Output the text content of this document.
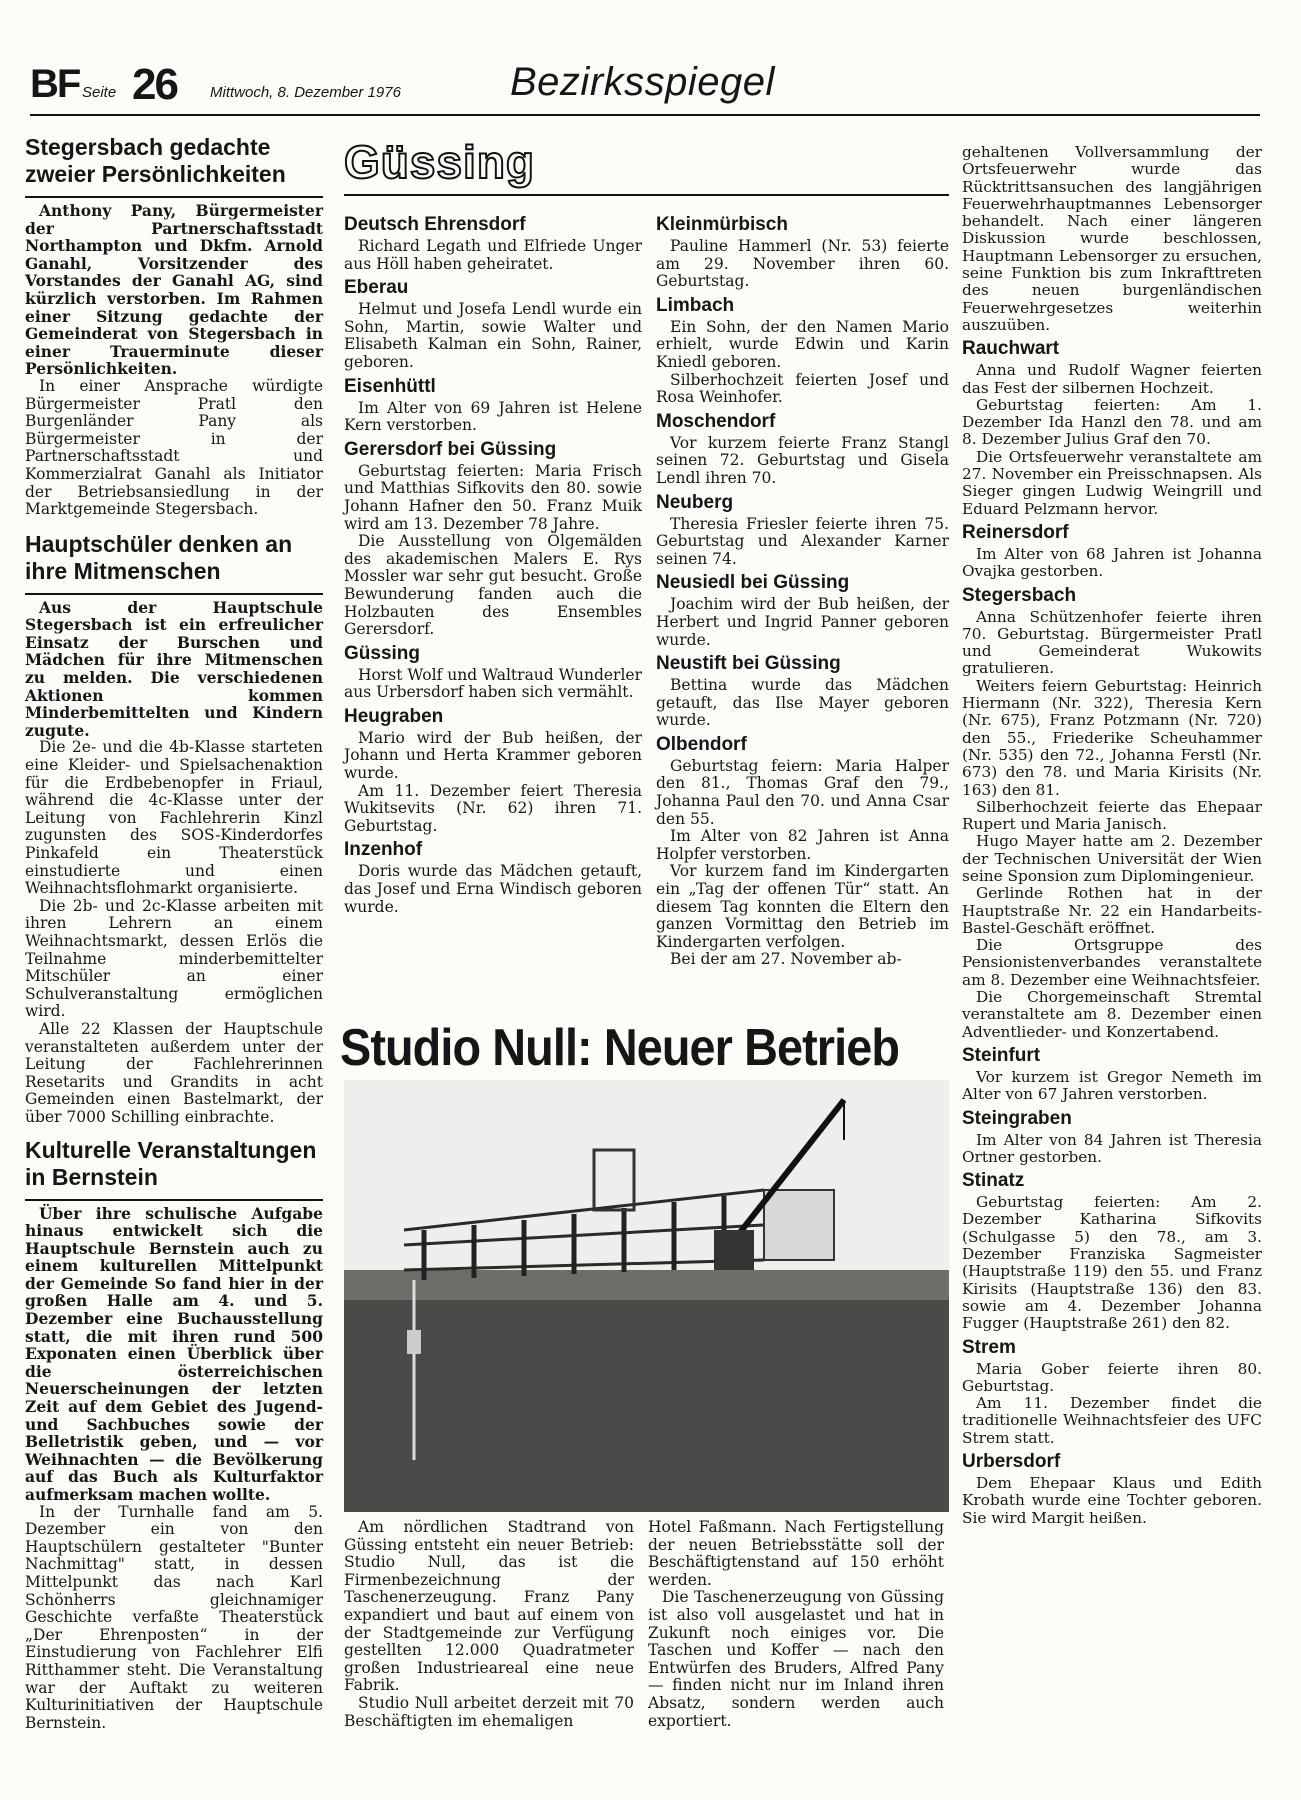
BF Seite 26 Mittwoch, 8. Dezember 1976	Bezirksspiegel
Stegersbach gedachte zweier Persönlichkeiten

Anthony Pany, Bürgermeister der Partnerschaftsstadt Northampton und Dkfm. Arnold Ganahl, Vorsitzender des Vorstandes der Ganahl AG, sind kürzlich verstorben. Im Rahmen einer Sitzung gedachte der Gemeinderat von Stegersbach in einer Trauerminute dieser Persönlichkeiten.

In einer Ansprache würdigte Bürgermeister Pratl den Burgenländer Pany als Bürgermeister in der Partnerschaftsstadt und Kommerzialrat Ganahl als Initiator der Betriebsansiedlung in der Marktgemeinde Stegersbach.

Hauptschüler denken an ihre Mitmenschen

Aus der Hauptschule Stegersbach ist ein erfreulicher Einsatz der Burschen und Mädchen für ihre Mitmenschen zu melden. Die verschiedenen Aktionen kommen Minderbemittelten und Kindern zugute.

Die 2e- und die 4b-Klasse starteten eine Kleider- und Spielsachenaktion für die Erdbebenopfer in Friaul, während die 4c-Klasse unter der Leitung von Fachlehrerin Kinzl zugunsten des SOS-Kinderdorfes Pinkafeld ein Theaterstück einstudierte und einen Weihnachtsflohmarkt organisierte.

Die 2b- und 2c-Klasse arbeiten mit ihren Lehrern an einem Weihnachtsmarkt, dessen Erlös die Teilnahme minderbemittelter Mitschüler an einer Schulveranstaltung ermöglichen wird.

Alle 22 Klassen der Hauptschule veranstalteten außerdem unter der Leitung der Fachlehrerinnen Resetarits und Grandits in acht Gemeinden einen Bastelmarkt, der über 7000 Schilling einbrachte.

Kulturelle Veranstaltungen in Bernstein

Über ihre schulische Aufgabe hinaus entwickelt sich die Hauptschule Bernstein auch zu einem kulturellen Mittelpunkt der Gemeinde So fand hier in der großen Halle am 4. und 5. Dezember eine Buchausstellung statt, die mit ihren rund 500 Exponaten einen Überblick über die österreichischen Neuerscheinungen der letzten Zeit auf dem Gebiet des Jugend- und Sachbuches sowie der Belletristik geben, und — vor Weihnachten — die Bevölkerung auf das Buch als Kulturfaktor aufmerksam machen wollte.

In der Turnhalle fand am 5. Dezember ein von den Hauptschülern gestalteter "Bunter Nachmittag" statt, in dessen Mittelpunkt das nach Karl Schönherrs gleichnamiger Geschichte verfaßte Theaterstück „Der Ehrenposten“ in der Einstudierung von Fachlehrer Elfi Ritthammer steht. Die Veranstaltung war der Auftakt zu weiteren Kulturinitiativen der Hauptschule Bernstein.

Güssing
Deutsch Ehrensdorf

Richard Legath und Elfriede Unger aus Höll haben geheiratet.

Eberau

Helmut und Josefa Lendl wurde ein Sohn, Martin, sowie Walter und Elisabeth Kalman ein Sohn, Rainer, geboren.

Eisenhüttl

Im Alter von 69 Jahren ist Helene Kern verstorben.

Gerersdorf bei Güssing

Geburtstag feierten: Maria Frisch und Matthias Sifkovits den 80. sowie Johann Hafner den 50. Franz Muik wird am 13. Dezember 78 Jahre.

Die Ausstellung von Ölgemälden des akademischen Malers E. Rys Mossler war sehr gut besucht. Große Bewunderung fanden auch die Holzbauten des Ensembles Gerersdorf.

Güssing

Horst Wolf und Waltraud Wunderler aus Urbersdorf haben sich vermählt.

Heugraben

Mario wird der Bub heißen, der Johann und Herta Krammer geboren wurde.

Am 11. Dezember feiert Theresia Wukitsevits (Nr. 62) ihren 71. Geburtstag.

Inzenhof

Doris wurde das Mädchen getauft, das Josef und Erna Windisch geboren wurde.

Kleinmürbisch

Pauline Hammerl (Nr. 53) feierte am 29. November ihren 60. Geburtstag.

Limbach

Ein Sohn, der den Namen Mario erhielt, wurde Edwin und Karin Kniedl geboren.

Silberhochzeit feierten Josef und Rosa Weinhofer.

Moschendorf

Vor kurzem feierte Franz Stangl seinen 72. Geburtstag und Gisela Lendl ihren 70.

Neuberg

Theresia Friesler feierte ihren 75. Geburtstag und Alexander Karner seinen 74.

Neusiedl bei Güssing

Joachim wird der Bub heißen, der Herbert und Ingrid Panner geboren wurde.

Neustift bei Güssing

Bettina wurde das Mädchen getauft, das Ilse Mayer geboren wurde.

Olbendorf

Geburtstag feiern: Maria Halper den 81., Thomas Graf den 79., Johanna Paul den 70. und Anna Csar den 55.

Im Alter von 82 Jahren ist Anna Holpfer verstorben.

Vor kurzem fand im Kindergarten ein „Tag der offenen Tür“ statt. An diesem Tag konnten die Eltern den ganzen Vormittag den Betrieb im Kindergarten verfolgen.

Bei der am 27. November ab-

Studio Null: Neuer Betrieb

Am nördlichen Stadtrand von Güssing entsteht ein neuer Betrieb: Studio Null, das ist die Firmenbezeichnung der Taschenerzeugung. Franz Pany expandiert und baut auf einem von der Stadtgemeinde zur Verfügung gestellten 12.000 Quadratmeter großen Industrieareal eine neue Fabrik.

Studio Null arbeitet derzeit mit 70 Beschäftigten im ehemaligen

Hotel Faßmann. Nach Fertigstellung der neuen Betriebsstätte soll der Beschäftigtenstand auf 150 erhöht werden.

Die Taschenerzeugung von Güssing ist also voll ausgelastet und hat in Zukunft noch einiges vor. Die Taschen und Koffer — nach den Entwürfen des Bruders, Alfred Pany — finden nicht nur im Inland ihren Absatz, sondern werden auch exportiert.

gehaltenen Vollversammlung der Ortsfeuerwehr wurde das Rücktrittsansuchen des langjährigen Feuerwehrhauptmannes Lebensorger behandelt. Nach einer längeren Diskussion wurde beschlossen, Hauptmann Lebensorger zu ersuchen, seine Funktion bis zum Inkrafttreten des neuen burgenländischen Feuerwehrgesetzes weiterhin auszuüben.

Rauchwart

Anna und Rudolf Wagner feierten das Fest der silbernen Hochzeit.

Geburtstag feierten: Am 1. Dezember Ida Hanzl den 78. und am 8. Dezember Julius Graf den 70.

Die Ortsfeuerwehr veranstaltete am 27. November ein Preisschnapsen. Als Sieger gingen Ludwig Weingrill und Eduard Pelzmann hervor.

Reinersdorf

Im Alter von 68 Jahren ist Johanna Ovajka gestorben.

Stegersbach

Anna Schützenhofer feierte ihren 70. Geburtstag. Bürgermeister Pratl und Gemeinderat Wukowits gratulieren.

Weiters feiern Geburtstag: Heinrich Hiermann (Nr. 322), Theresia Kern (Nr. 675), Franz Potzmann (Nr. 720) den 55., Friederike Scheuhammer (Nr. 535) den 72., Johanna Ferstl (Nr. 673) den 78. und Maria Kirisits (Nr. 163) den 81.

Silberhochzeit feierte das Ehepaar Rupert und Maria Janisch.

Hugo Mayer hatte am 2. Dezember der Technischen Universität der Wien seine Sponsion zum Diplomingenieur.

Gerlinde Rothen hat in der Hauptstraße Nr. 22 ein Handarbeits-Bastel-Geschäft eröffnet.

Die Ortsgruppe des Pensionistenverbandes veranstaltete am 8. Dezember eine Weihnachtsfeier.

Die Chorgemeinschaft Stremtal veranstaltete am 8. Dezember einen Adventlieder- und Konzertabend.

Steinfurt

Vor kurzem ist Gregor Nemeth im Alter von 67 Jahren verstorben.

Steingraben

Im Alter von 84 Jahren ist Theresia Ortner gestorben.

Stinatz

Geburtstag feierten: Am 2. Dezember Katharina Sifkovits (Schulgasse 5) den 78., am 3. Dezember Franziska Sagmeister (Hauptstraße 119) den 55. und Franz Kirisits (Hauptstraße 136) den 83. sowie am 4. Dezember Johanna Fugger (Hauptstraße 261) den 82.

Strem

Maria Gober feierte ihren 80. Geburtstag.

Am 11. Dezember findet die traditionelle Weihnachtsfeier des UFC Strem statt.

Urbersdorf

Dem Ehepaar Klaus und Edith Krobath wurde eine Tochter geboren. Sie wird Margit heißen.
